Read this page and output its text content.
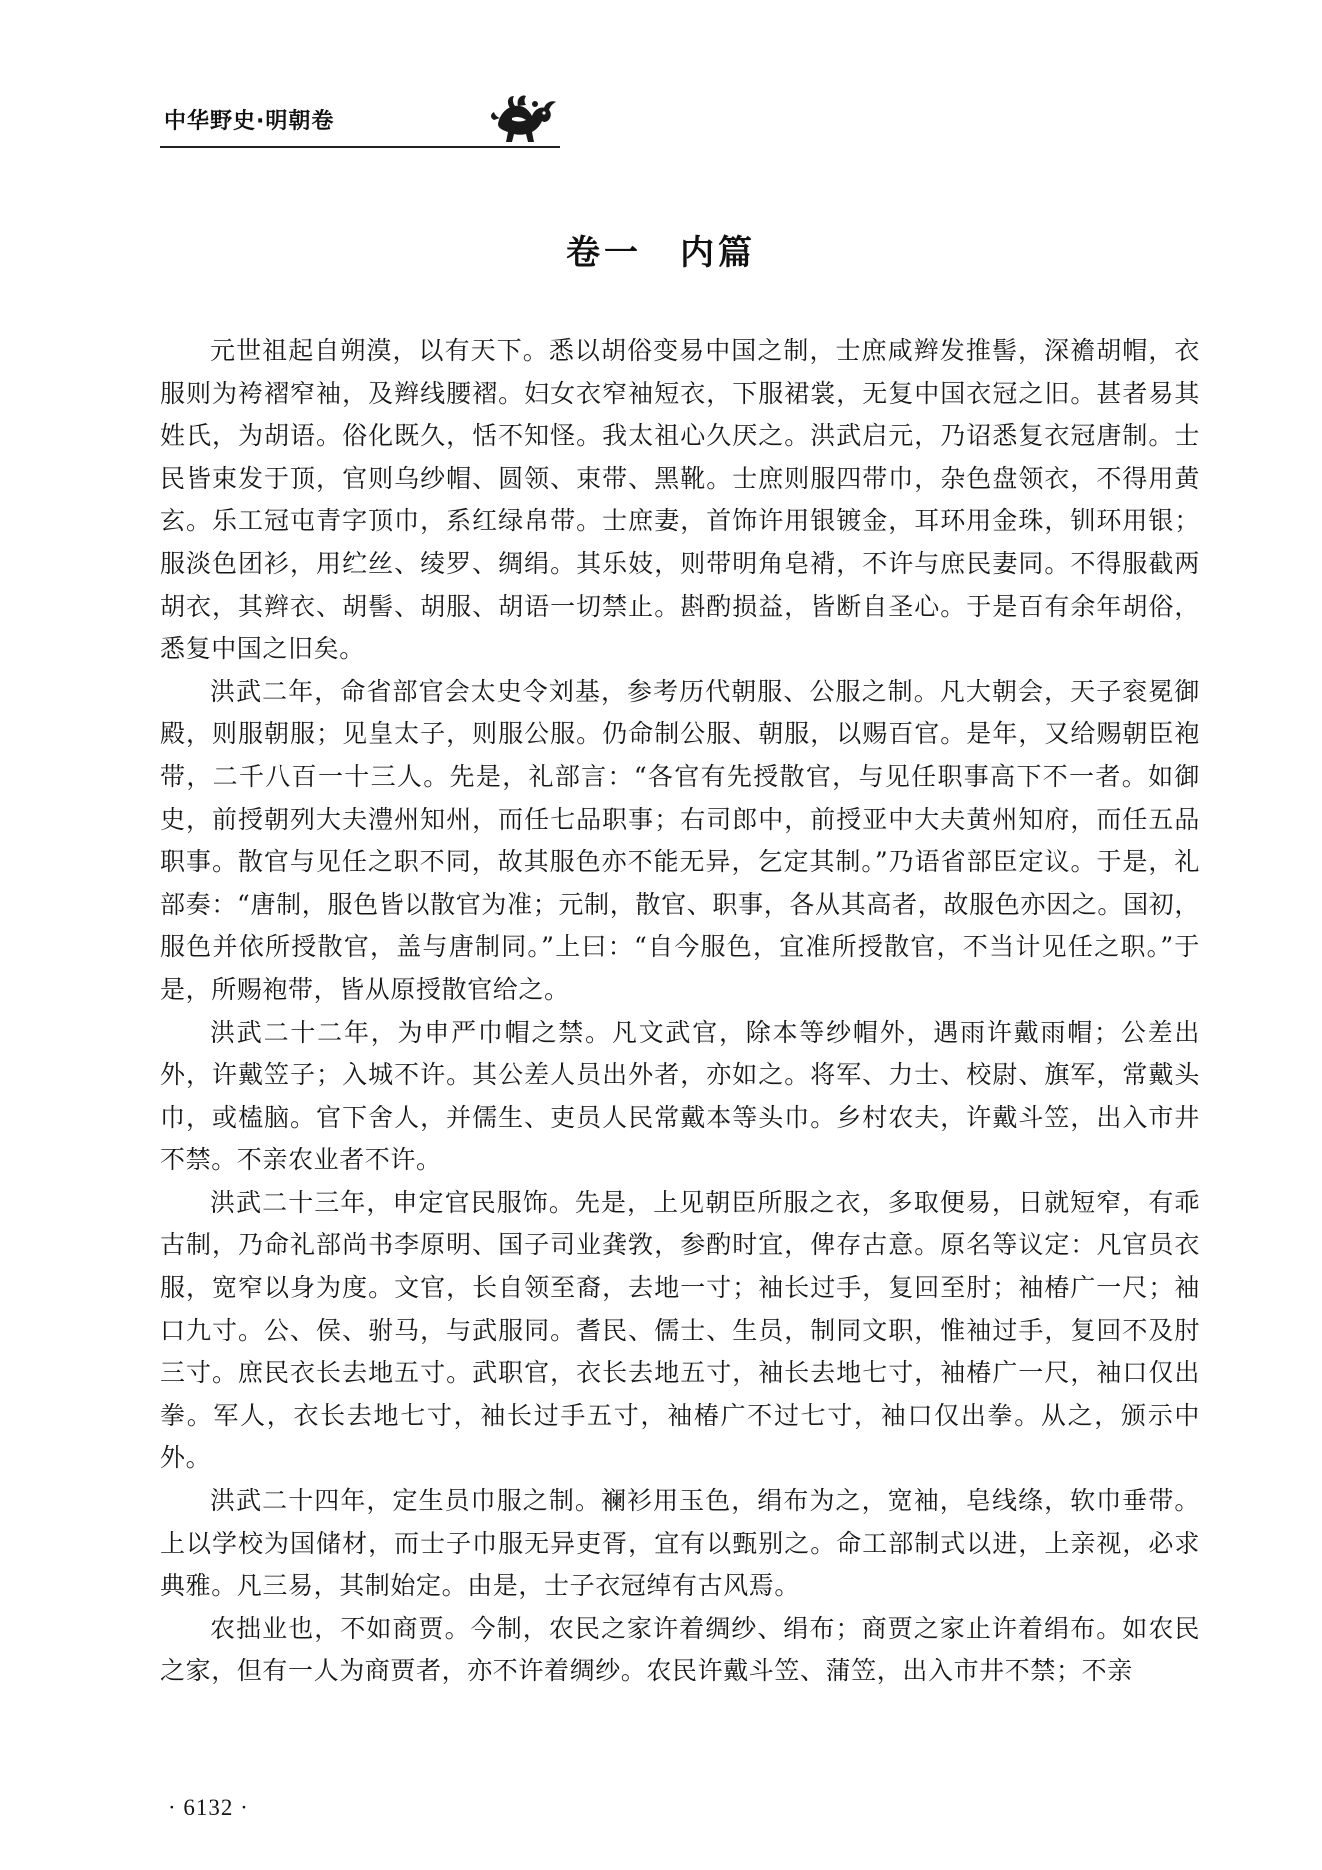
中华野史·明朝卷
卷一 内篇

元世祖起自朔漠，以有天下。悉以胡俗变易中国之制，士庶咸辫发推髻，深襜胡帽，衣服则为袴褶窄袖，及辫线腰褶。妇女衣窄袖短衣，下服裙裳，无复中国衣冠之旧。甚者易其姓氏，为胡语。俗化既久，恬不知怪。我太祖心久厌之。洪武启元，乃诏悉复衣冠唐制。士民皆束发于顶，官则乌纱帽、圆领、束带、黑靴。士庶则服四带巾，杂色盘领衣，不得用黄玄。乐工冠屯青字顶巾，系红绿帛带。士庶妻，首饰许用银镀金，耳环用金珠，钏环用银；服淡色团衫，用纻丝、绫罗、绸绢。其乐妓，则带明角皂褙，不许与庶民妻同。不得服截两胡衣，其辫衣、胡髻、胡服、胡语一切禁止。斟酌损益，皆断自圣心。于是百有余年胡俗，悉复中国之旧矣。

洪武二年，命省部官会太史令刘基，参考历代朝服、公服之制。凡大朝会，天子衮冕御殿，则服朝服；见皇太子，则服公服。仍命制公服、朝服，以赐百官。是年，又给赐朝臣袍带，二千八百一十三人。先是，礼部言：“各官有先授散官，与见任职事高下不一者。如御史，前授朝列大夫澧州知州，而任七品职事；右司郎中，前授亚中大夫黄州知府，而任五品职事。散官与见任之职不同，故其服色亦不能无异，乞定其制。”乃语省部臣定议。于是，礼部奏：“唐制，服色皆以散官为准；元制，散官、职事，各从其高者，故服色亦因之。国初，服色并依所授散官，盖与唐制同。”上曰：“自今服色，宜准所授散官，不当计见任之职。”于是，所赐袍带，皆从原授散官给之。

洪武二十二年，为申严巾帽之禁。凡文武官，除本等纱帽外，遇雨许戴雨帽；公差出外，许戴笠子；入城不许。其公差人员出外者，亦如之。将军、力士、校尉、旗军，常戴头巾，或榼脑。官下舍人，并儒生、吏员人民常戴本等头巾。乡村农夫，许戴斗笠，出入市井不禁。不亲农业者不许。

洪武二十三年，申定官民服饰。先是，上见朝臣所服之衣，多取便易，日就短窄，有乖古制，乃命礼部尚书李原明、国子司业龚敩，参酌时宜，俾存古意。原名等议定：凡官员衣服，宽窄以身为度。文官，长自领至裔，去地一寸；袖长过手，复回至肘；袖椿广一尺；袖口九寸。公、侯、驸马，与武服同。耆民、儒士、生员，制同文职，惟袖过手，复回不及肘三寸。庶民衣长去地五寸。武职官，衣长去地五寸，袖长去地七寸，袖椿广一尺，袖口仅出拳。军人，衣长去地七寸，袖长过手五寸，袖椿广不过七寸，袖口仅出拳。从之，颁示中外。

洪武二十四年，定生员巾服之制。襕衫用玉色，绢布为之，宽袖，皂线绦，软巾垂带。上以学校为国储材，而士子巾服无异吏胥，宜有以甄别之。命工部制式以进，上亲视，必求典雅。凡三易，其制始定。由是，士子衣冠绰有古风焉。

农拙业也，不如商贾。今制，农民之家许着绸纱、绢布；商贾之家止许着绢布。如农民之家，但有一人为商贾者，亦不许着绸纱。农民许戴斗笠、蒲笠，出入市井不禁；不亲

· 6132 ·
